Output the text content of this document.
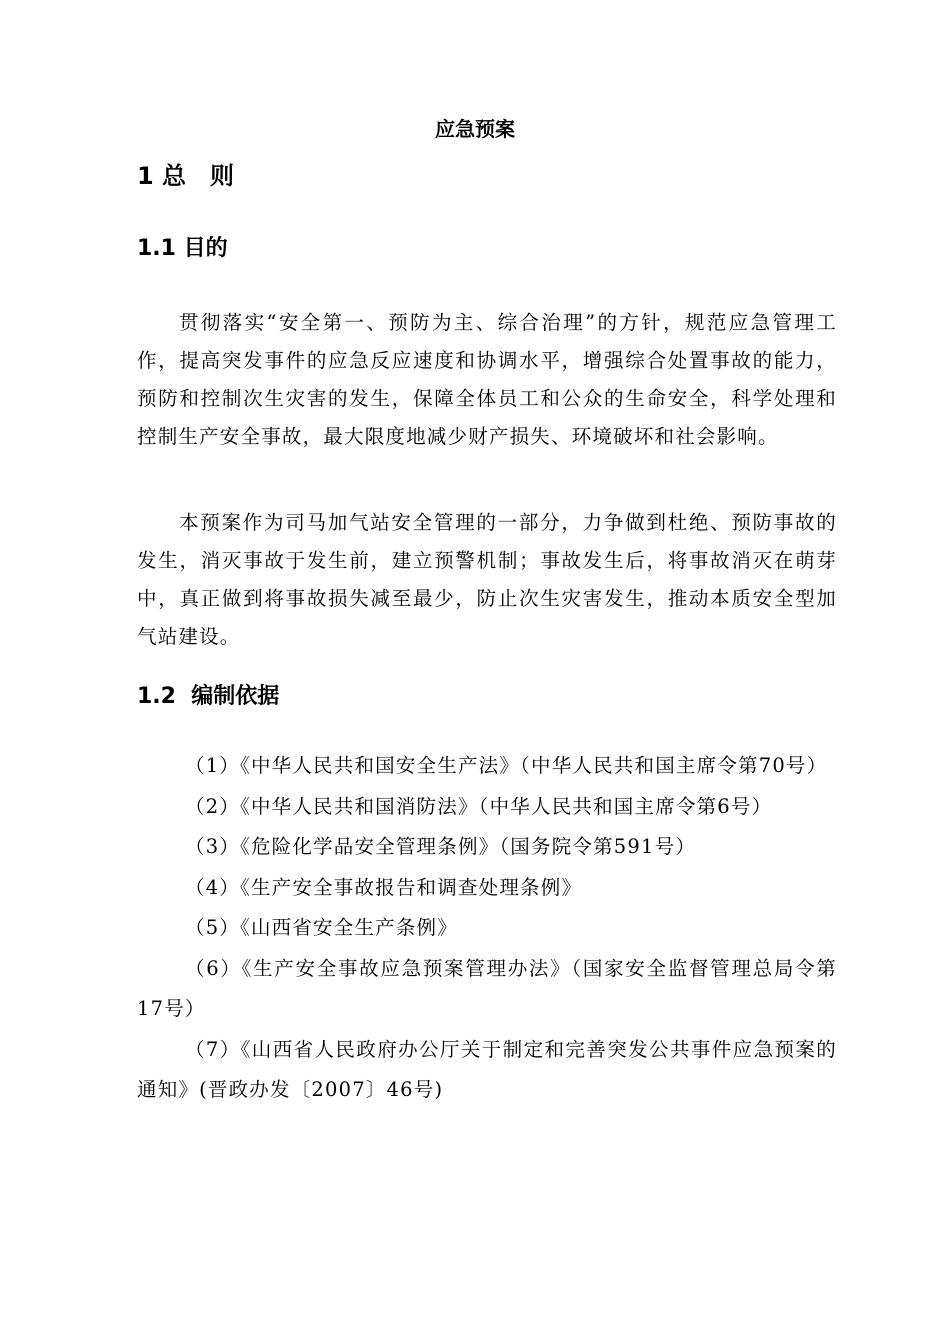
应急预案
1 总　则
1.1 目的

贯彻落实“安全第一、预防为主、综合治理”的方针，规范应急管理工作，提高突发事件的应急反应速度和协调水平，增强综合处置事故的能力，预防和控制次生灾害的发生，保障全体员工和公众的生命安全，科学处理和控制生产安全事故，最大限度地减少财产损失、环境破坏和社会影响。

本预案作为司马加气站安全管理的一部分，力争做到杜绝、预防事故的发生，消灭事故于发生前，建立预警机制；事故发生后，将事故消灭在萌芽中，真正做到将事故损失减至最少，防止次生灾害发生，推动本质安全型加气站建设。

1.2  编制依据
（1）《中华人民共和国安全生产法》（中华人民共和国主席令第70号）
（2）《中华人民共和国消防法》（中华人民共和国主席令第6号）
（3）《危险化学品安全管理条例》（国务院令第591号）
（4）《生产安全事故报告和调查处理条例》
（5）《山西省安全生产条例》
（6）《生产安全事故应急预案管理办法》（国家安全监督管理总局令第17号）
（7）《山西省人民政府办公厅关于制定和完善突发公共事件应急预案的通知》(晋政办发〔2007〕46号)
